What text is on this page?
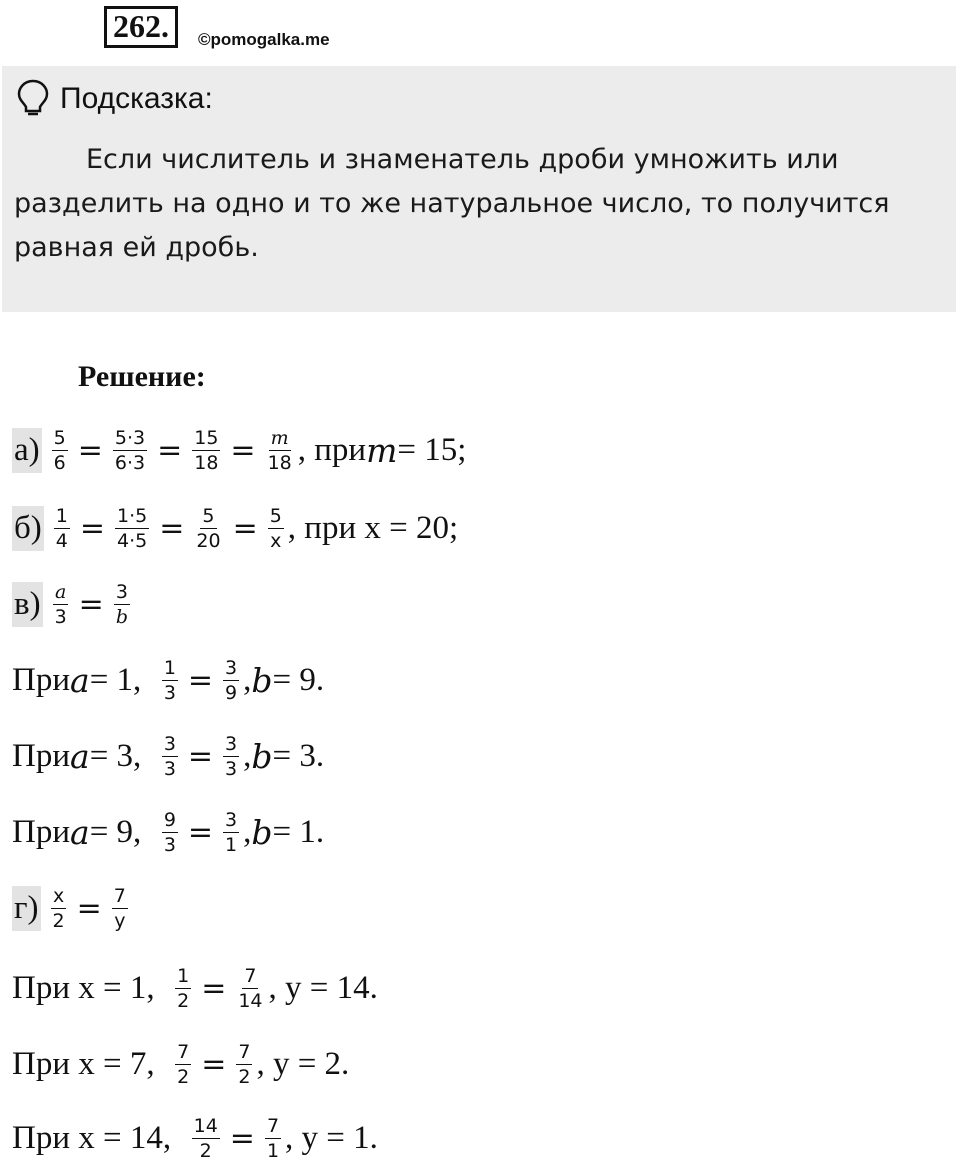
262.	©pomogalka.me
Подсказка:
Если числитель и знаменатель дроби умножить или разделить на одно и то же натуральное число, то получится равная ей дробь.
Решение:
$а) \frac{5}{6} = \frac{5\cdot 3}{6\cdot 3} = \frac{15}{18} = \frac{m}{18}$ , при m = 15;
$б) \frac{1}{4} = \frac{1\cdot 5}{4\cdot 5} = \frac{5}{20} = \frac{5}{x}$ , при x = 20;
$в) \frac{a}{3} = \frac{3}{b}$
При a = 1,
$\frac{1}{3} = \frac{3}{9}$ , b = 9.
При a = 3,
$\frac{3}{3} = \frac{3}{3}$ , b = 3.
При a = 9,
$\frac{9}{3} = \frac{3}{1}$ , b = 1.
$г) \frac{x}{2} = \frac{7}{y}$
При x = 1,
$\frac{1}{2} = \frac{7}{14}$ , y = 14.
При x = 7,
$\frac{7}{2} = \frac{7}{2}$ , y = 2.
При x = 14,
$\frac{14}{2} = \frac{7}{1}$ , y = 1.
